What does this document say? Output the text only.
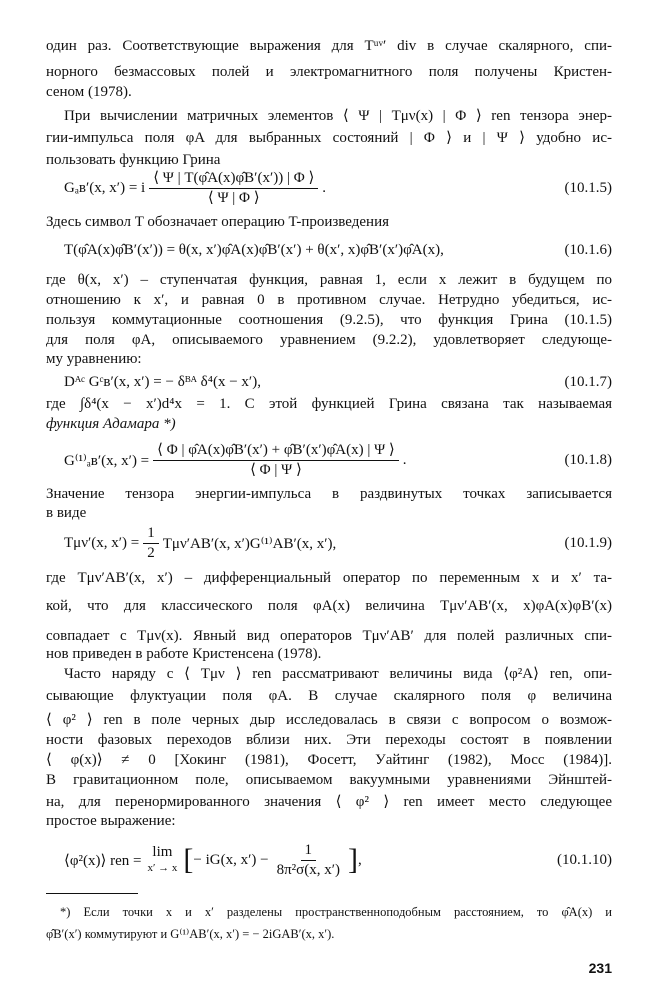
один раз. Соответствующие выражения для Tᵘᵛ′ div в случае скалярного, спи-
норного безмассовых полей и электромагнитного поля получены Кристен-
сеном (1978).
При вычислении матричных элементов ⟨ Ψ | Tμν(x) | Φ ⟩ ren тензора энер-
гии-импульса поля φA для выбранных состояний | Φ ⟩ и | Ψ ⟩ удобно ис-
пользовать функцию Грина
Gₐʙ′(x, x′) = i $\frac{⟨ \Psi | T(\varphîA(x)\varphîB'(x')) | \Phi ⟩}{⟨ \Psi | \Phi ⟩}$ .	(10.1.5)
Здесь символ T обозначает операцию T-произведения
T(φ̂A(x)φ̂B′(x′)) = θ(x, x′)φ̂A(x)φ̂B′(x′) + θ(x′, x)φ̂B′(x′)φ̂A(x),	(10.1.6)
где θ(x, x′) – ступенчатая функция, равная 1, если x лежит в будущем по
отношению к x′, и равная 0 в противном случае. Нетрудно убедиться, ис-
пользуя коммутационные соотношения (9.2.5), что функция Грина (10.1.5)
для поля φA, описываемого уравнением (9.2.2), удовлетворяет следующе-
му уравнению:
Dᴬᶜ Gᶜʙ′(x, x′) = − δᴮᴬ δ⁴(x − x′),	(10.1.7)
где ∫δ⁴(x − x′)d⁴x = 1. С этой функцией Грина связана так называемая
функция Адамара *)
G⁽¹⁾ₐʙ′(x, $x') = \frac{⟨ \Phi | \varphîA(x)\varphîB'(x') + \varphîB'(x')\varphîA(x) | \Psi ⟩}{⟨ \Phi | \Psi ⟩}$ .	(10.1.8)
Значение тензора энергии-импульса в раздвинутых точках записывается
в виде
Tμν′(x, $x') = \frac{1}{2} T\mu\nu'AB'(x$, x′)G⁽¹⁾AB′(x, x′),	(10.1.9)
где Tμν′AB′(x, x′) – дифференциальный оператор по переменным x и x′ та-
кой, что для классического поля φA(x) величина Tμν′AB′(x, x)φA(x)φB′(x)
совпадает с Tμν(x). Явный вид операторов Tμν′AB′ для полей различных спи-
нов приведен в работе Кристенсена (1978).
Часто наряду с ⟨ Tμν ⟩ ren рассматривают величины вида ⟨φ²A⟩ ren, опи-
сывающие флуктуации поля φA. В случае скалярного поля φ величина
⟨ φ² ⟩ ren в поле черных дыр исследовалась в связи с вопросом о возмож-
ности фазовых переходов вблизи них. Эти переходы состоят в появлении
⟨ φ(x)⟩ ≠ 0 [Хокинг (1981), Фосетт, Уайтинг (1982), Мосс (1984)].
В гравитационном поле, описываемом вакуумными уравнениями Эйнштей-
на, для перенормированного значения ⟨ φ² ⟩ ren имеет место следующее
простое выражение:
⟨φ²(x)⟩ ren =
lim
x′ → x [ − iG(x, $x') - \frac{1}{\text{8π²σ(x, x′)}}$ ] ,	(10.1.10)
*) Если точки x и x′ разделены пространственноподобным расстоянием, то φ̂A(x) и
φ̂B′(x′) коммутируют и G⁽¹⁾AB′(x, x′) = − 2iGAB′(x, x′).
231
